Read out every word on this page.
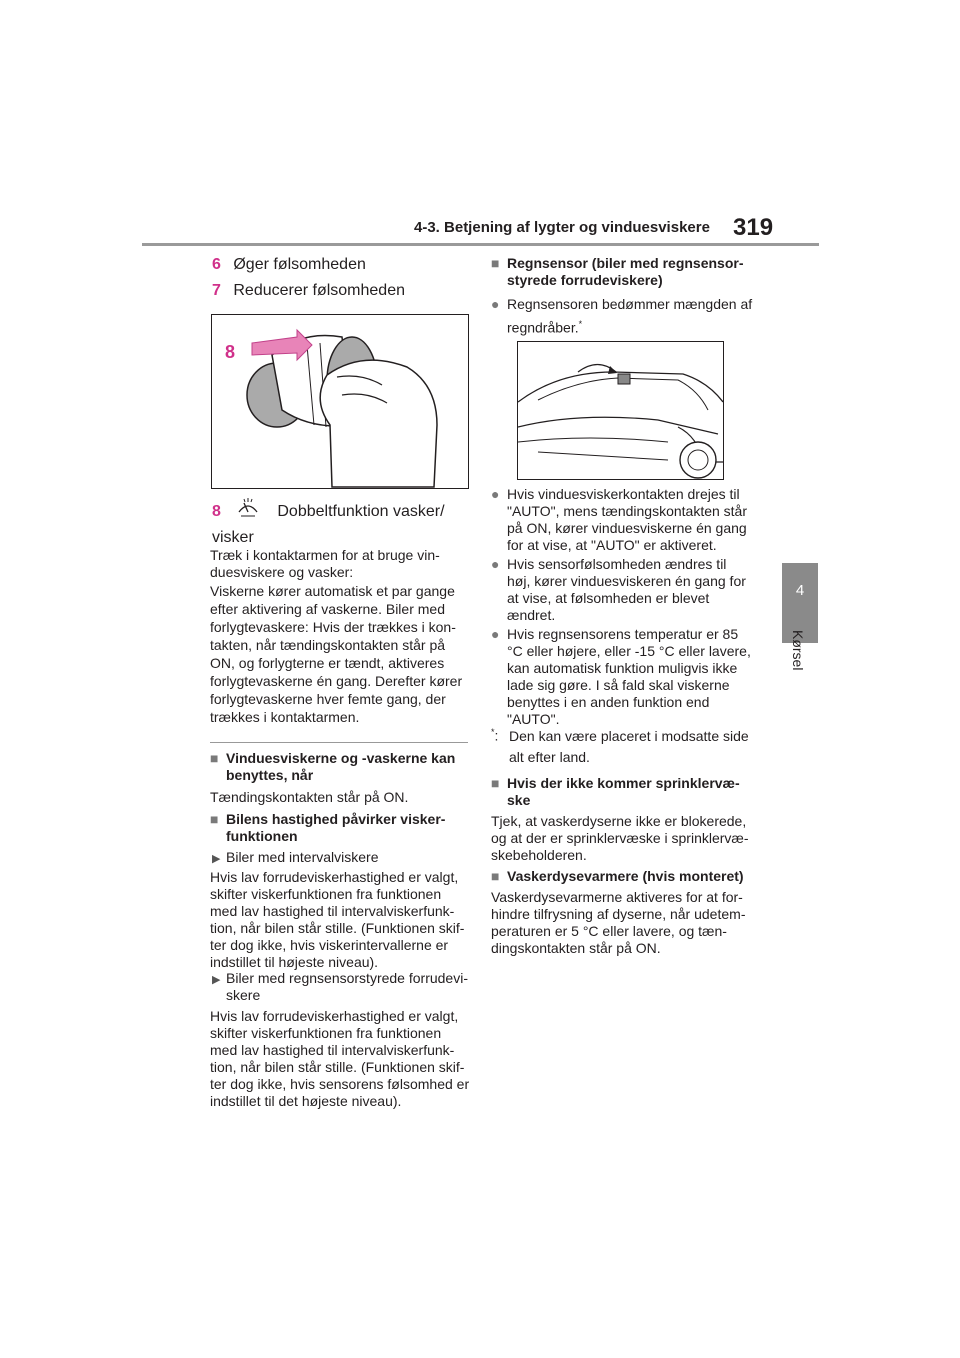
4-3. Betjening af lygter og vinduesviskere 319
4
Kørsel
6 Øger følsomheden
7 Reducerer følsomheden
8
8	Dobbeltfunktion vasker/ visker
Træk i kontaktarmen for at bruge vinduesviskere og vasker:
Viskerne kører automatisk et par gange efter aktivering af vaskerne. Biler med forlygtevaskere: Hvis der trækkes i kontakten, når tændingskontakten står på ON, og forlygterne er tændt, aktiveres forlygtevaskerne én gang. Derefter kører forlygtevaskerne hver femte gang, der trækkes i kontaktarmen.
■ Vinduesviskerne og -vaskerne kan benyttes, når
Tændingskontakten står på ON.
■ Bilens hastighed påvirker viskerfunktionen
▶ Biler med intervalviskere
Hvis lav forrudeviskerhastighed er valgt, skifter viskerfunktionen fra funktionen med lav hastighed til intervalviskerfunktion, når bilen står stille. (Funktionen skifter dog ikke, hvis viskerintervallerne er indstillet til højeste niveau).
▶ Biler med regnsensorstyrede forrudeviskere
Hvis lav forrudeviskerhastighed er valgt, skifter viskerfunktionen fra funktionen med lav hastighed til intervalviskerfunktion, når bilen står stille. (Funktionen skifter dog ikke, hvis sensorens følsomhed er indstillet til det højeste niveau).
■ Regnsensor (biler med regnsensorstyrede forrudeviskere)
● Regnsensoren bedømmer mængden af regndråber.*
● Hvis vinduesviskerkontakten drejes til "AUTO", mens tændingskontakten står på ON, kører vinduesviskerne én gang for at vise, at "AUTO" er aktiveret.
● Hvis sensorfølsomheden ændres til høj, kører vinduesviskeren én gang for at vise, at følsomheden er blevet ændret.
● Hvis regnsensorens temperatur er 85 °C eller højere, eller -15 °C eller lavere, kan automatisk funktion muligvis ikke lade sig gøre. I så fald skal viskerne benyttes i en anden funktion end "AUTO".
*: Den kan være placeret i modsatte side alt efter land.
■ Hvis der ikke kommer sprinklervæske
Tjek, at vaskerdyserne ikke er blokerede, og at der er sprinklervæske i sprinklervæskebeholderen.
■ Vaskerdysevarmere (hvis monteret)
Vaskerdysevarmerne aktiveres for at forhindre tilfrysning af dyserne, når udetemperaturen er 5 °C eller lavere, og tændingskontakten står på ON.
